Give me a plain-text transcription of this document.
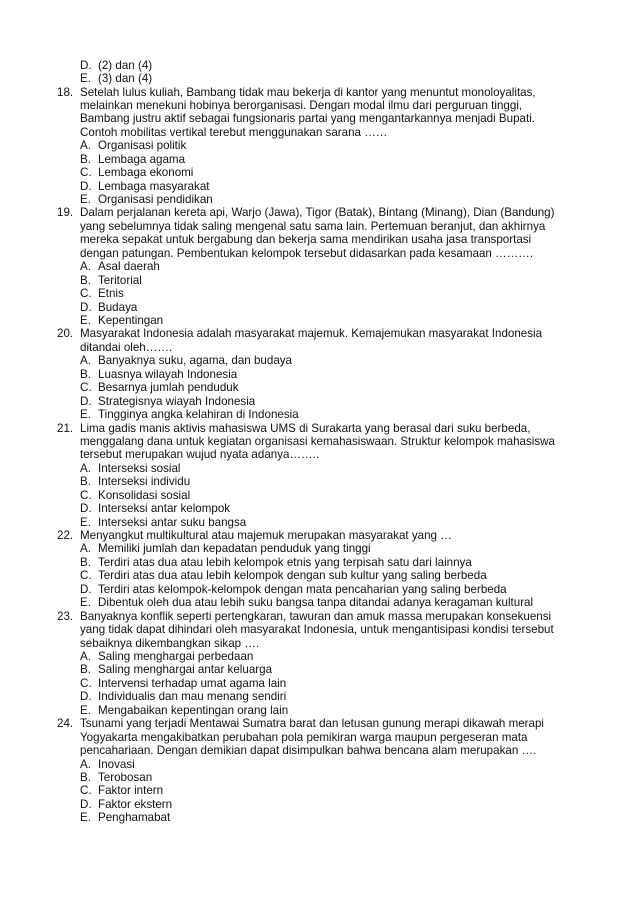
D. (2) dan (4)
E. (3) dan (4)
18. Setelah lulus kuliah, Bambang tidak mau bekerja di kantor yang menuntut monoloyalitas,
melainkan menekuni hobinya berorganisasi. Dengan modal ilmu dari perguruan tinggi,
Bambang justru aktif sebagai fungsionaris partai yang mengantarkannya menjadi Bupati.
Contoh mobilitas vertikal terebut menggunakan sarana ……
A. Organisasi politik
B. Lembaga agama
C. Lembaga ekonomi
D. Lembaga masyarakat
E. Organisasi pendidikan
19. Dalam perjalanan kereta api, Warjo (Jawa), Tigor (Batak), Bintang (Minang), Dian (Bandung)
yang sebelumnya tidak saling mengenal satu sama lain. Pertemuan beranjut, dan akhirnya
mereka sepakat untuk bergabung dan bekerja sama mendirikan usaha jasa transportasi
dengan patungan. Pembentukan kelompok tersebut didasarkan pada kesamaan ……….
A. Asal daerah
B. Teritorial
C. Etnis
D. Budaya
E. Kepentingan
20. Masyarakat Indonesia adalah masyarakat majemuk. Kemajemukan masyarakat Indonesia
ditandai oleh…….
A. Banyaknya suku, agama, dan budaya
B. Luasnya wilayah Indonesia
C. Besarnya jumlah penduduk
D. Strategisnya wiayah Indonesia
E. Tingginya angka kelahiran di Indonesia
21. Lima gadis manis aktivis mahasiswa UMS di Surakarta yang berasal dari suku berbeda,
menggalang dana untuk kegiatan organisasi kemahasiswaan. Struktur kelompok mahasiswa
tersebut merupakan wujud nyata adanya……..
A. Interseksi sosial
B. Interseksi individu
C. Konsolidasi sosial
D. Interseksi antar kelompok
E. Interseksi antar suku bangsa
22. Menyangkut multikultural atau majemuk merupakan masyarakat yang …
A. Memiliki jumlah dan kepadatan penduduk yang tinggi
B. Terdiri atas dua atau lebih kelompok etnis yang terpisah satu dari lainnya
C. Terdiri atas dua atau lebih kelompok dengan sub kultur yang saling berbeda
D. Terdiri atas kelompok-kelompok dengan mata pencaharian yang saling berbeda
E. Dibentuk oleh dua atau lebih suku bangsa tanpa ditandai adanya keragaman kultural
23. Banyaknya konflik seperti pertengkaran, tawuran dan amuk massa merupakan konsekuensi
yang tidak dapat dihindari oleh masyarakat Indonesia, untuk mengantisipasi kondisi tersebut
sebaiknya dikembangkan sikap ….
A. Saling menghargai perbedaan
B. Saling menghargai antar keluarga
C. Intervensi terhadap umat agama lain
D. Individualis dan mau menang sendiri
E. Mengabaikan kepentingan orang lain
24. Tsunami yang terjadi Mentawai Sumatra barat dan letusan gunung merapi dikawah merapi
Yogyakarta mengakibatkan perubahan pola pemikiran warga maupun pergeseran mata
pencahariaan. Dengan demikian dapat disimpulkan bahwa bencana alam merupakan ….
A. Inovasi
B. Terobosan
C. Faktor intern
D. Faktor ekstern
E. Penghamabat
